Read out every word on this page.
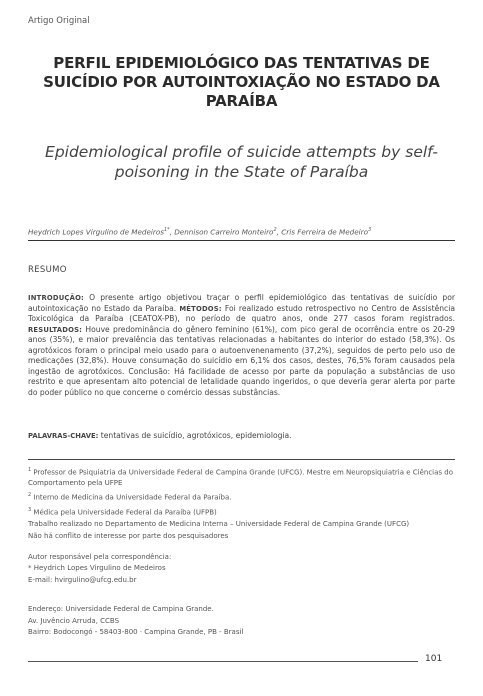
Artigo Original
PERFIL EPIDEMIOLÓGICO DAS TENTATIVAS DE SUICÍDIO POR AUTOINTOXIAÇÃO NO ESTADO DA PARAÍBA
Epidemiological profile of suicide attempts by self-poisoning in the State of Paraíba
Heydrich Lopes Virgulino de Medeiros$^{1*}$, Dennison Carreiro Monteiro$^2$, Cris Ferreira de Medeiro$^3$
RESUMO
INTRODUÇÃO: O presente artigo objetivou traçar o perfil epidemiológico das tentativas de suicídio por autointoxicação no Estado da Paraíba. MÉTODOS: Foi realizado estudo retrospectivo no Centro de Assistência Toxicológica da Paraíba (CEATOX-PB), no período de quatro anos, onde 277 casos foram registrados. RESULTADOS: Houve predominância do gênero feminino (61%), com pico geral de ocorrência entre os 20-29 anos (35%), e maior prevalência das tentativas relacionadas a habitantes do interior do estado (58,3%). Os agrotóxicos foram o principal meio usado para o autoenvenenamento (37,2%), seguidos de perto pelo uso de medicações (32,8%). Houve consumação do suicídio em 6,1% dos casos, destes, 76,5% foram causados pela ingestão de agrotóxicos. Conclusão: Há facilidade de acesso por parte da população a substâncias de uso restrito e que apresentam alto potencial de letalidade quando ingeridos, o que deveria gerar alerta por parte do poder público no que concerne o comércio dessas substâncias.
PALAVRAS-CHAVE: tentativas de suicídio, agrotóxicos, epidemiologia.

$^1$ Professor de Psiquiatria da Universidade Federal de Campina Grande (UFCG). Mestre em Neuropsiquiatria e Ciências do Comportamento pela UFPE

$^2$ Interno de Medicina da Universidade Federal da Paraíba.

$^3$ Médica pela Universidade Federal da Paraíba (UFPB)

Trabalho realizado no Departamento de Medicina Interna – Universidade Federal de Campina Grande (UFCG)

Não há conflito de interesse por parte dos pesquisadores

Autor responsável pela correspondência:

* Heydrich Lopes Virgulino de Medeiros

E-mail: hvirgulino@ufcg.edu.br

Endereço: Universidade Federal de Campina Grande.

Av. Juvêncio Arruda, CCBS

Bairro: Bodocongó - 58403-800 · Campina Grande, PB - Brasil

101
